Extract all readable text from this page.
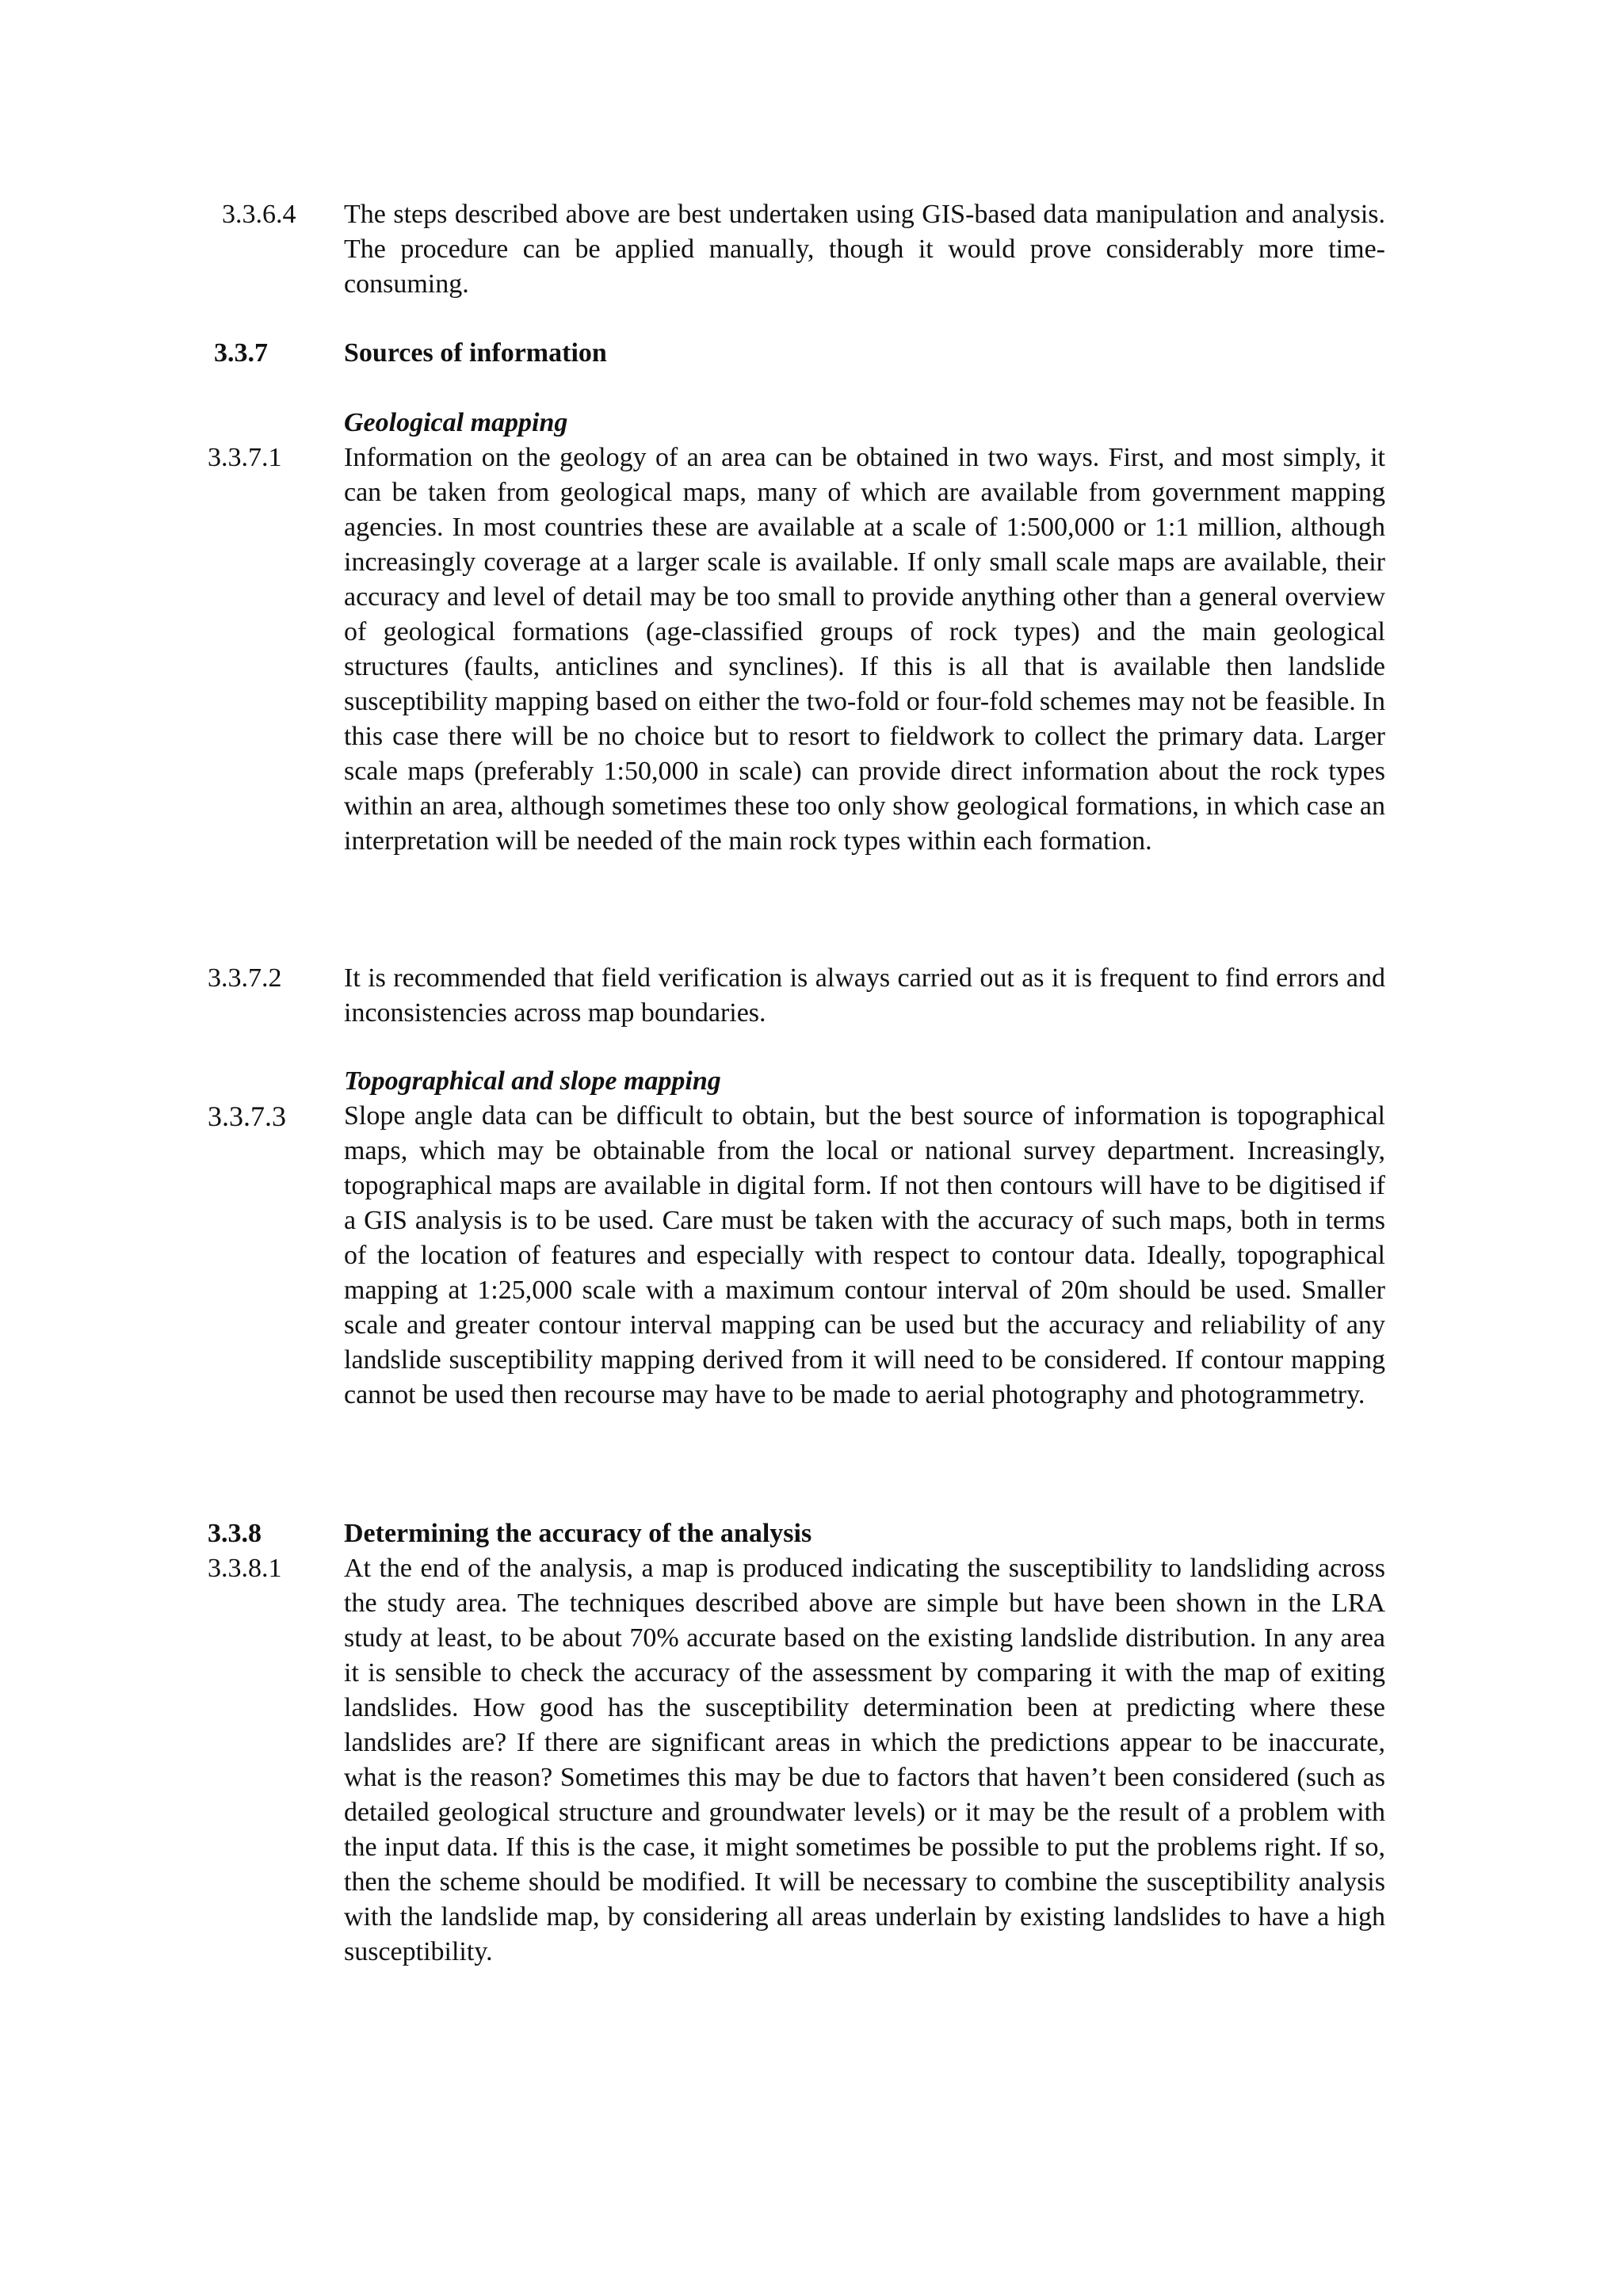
3.3.6.4 The steps described above are best undertaken using GIS-based data manipulation and analysis. The procedure can be applied manually, though it would prove considerably more time-consuming.

3.3.7	Sources of information
Geological mapping
3.3.7.1 Information on the geology of an area can be obtained in two ways. First, and most simply, it can be taken from geological maps, many of which are available from government mapping agencies. In most countries these are available at a scale of 1:500,000 or 1:1 million, although increasingly coverage at a larger scale is available. If only small scale maps are available, their accuracy and level of detail may be too small to provide anything other than a general overview of geological formations (age-classified groups of rock types) and the main geological structures (faults, anticlines and synclines). If this is all that is available then landslide susceptibility mapping based on either the two-fold or four-fold schemes may not be feasible. In this case there will be no choice but to resort to fieldwork to collect the primary data. Larger scale maps (preferably 1:50,000 in scale) can provide direct information about the rock types within an area, although sometimes these too only show geological formations, in which case an interpretation will be needed of the main rock types within each formation.

3.3.7.2 It is recommended that field verification is always carried out as it is frequent to find errors and inconsistencies across map boundaries.

Topographical and slope mapping
3.3.7.3 Slope angle data can be difficult to obtain, but the best source of information is topographical maps, which may be obtainable from the local or national survey department. Increasingly, topographical maps are available in digital form. If not then contours will have to be digitised if a GIS analysis is to be used. Care must be taken with the accuracy of such maps, both in terms of the location of features and especially with respect to contour data. Ideally, topographical mapping at 1:25,000 scale with a maximum contour interval of 20m should be used. Smaller scale and greater contour interval mapping can be used but the accuracy and reliability of any landslide susceptibility mapping derived from it will need to be considered. If contour mapping cannot be used then recourse may have to be made to aerial photography and photogrammetry.

3.3.8	Determining the accuracy of the analysis
3.3.8.1 At the end of the analysis, a map is produced indicating the susceptibility to landsliding across the study area. The techniques described above are simple but have been shown in the LRA study at least, to be about 70% accurate based on the existing landslide distribution. In any area it is sensible to check the accuracy of the assessment by comparing it with the map of exiting landslides. How good has the susceptibility determination been at predicting where these landslides are? If there are significant areas in which the predictions appear to be inaccurate, what is the reason? Sometimes this may be due to factors that haven’t been considered (such as detailed geological structure and groundwater levels) or it may be the result of a problem with the input data. If this is the case, it might sometimes be possible to put the problems right. If so, then the scheme should be modified. It will be necessary to combine the susceptibility analysis with the landslide map, by considering all areas underlain by existing landslides to have a high susceptibility.
